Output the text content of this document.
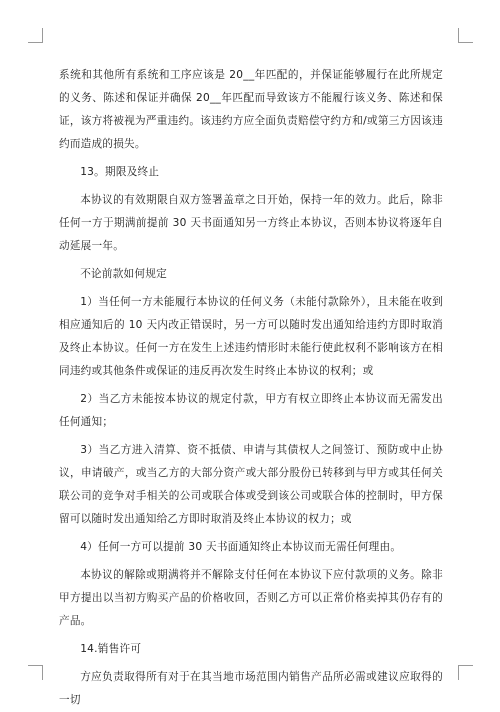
系统和其他所有系统和工序应该是 20__年匹配的，并保证能够履行在此所规定的义务、陈述和保证并确保 20__年匹配而导致该方不能履行该义务、陈述和保证，该方将被视为严重违约。该违约方应全面负责赔偿守约方和/或第三方因该违约而造成的损失。

13。期限及终止

本协议的有效期限自双方签署盖章之日开始，保持一年的效力。此后，除非任何一方于期满前提前 30 天书面通知另一方终止本协议，否则本协议将逐年自动延展一年。

不论前款如何规定

1）当任何一方未能履行本协议的任何义务（未能付款除外），且未能在收到相应通知后的 10 天内改正错误时，另一方可以随时发出通知给违约方即时取消及终止本协议。任何一方在发生上述违约情形时未能行使此权利不影响该方在相同违约或其他条件或保证的违反再次发生时终止本协议的权利；或

2）当乙方未能按本协议的规定付款，甲方有权立即终止本协议而无需发出任何通知；

3）当乙方进入清算、资不抵债、申请与其债权人之间签订、预防或中止协议，申请破产，或当乙方的大部分资产或大部分股份已转移到与甲方或其任何关联公司的竞争对手相关的公司或联合体或受到该公司或联合体的控制时，甲方保留可以随时发出通知给乙方即时取消及终止本协议的权力；或

4）任何一方可以提前 30 天书面通知终止本协议而无需任何理由。

本协议的解除或期满将并不解除支付任何在本协议下应付款项的义务。除非甲方提出以当初方购买产品的价格收回，否则乙方可以正常价格卖掉其仍存有的产品。

14.销售许可

方应负责取得所有对于在其当地市场范围内销售产品所必需或建议应取得的一切
